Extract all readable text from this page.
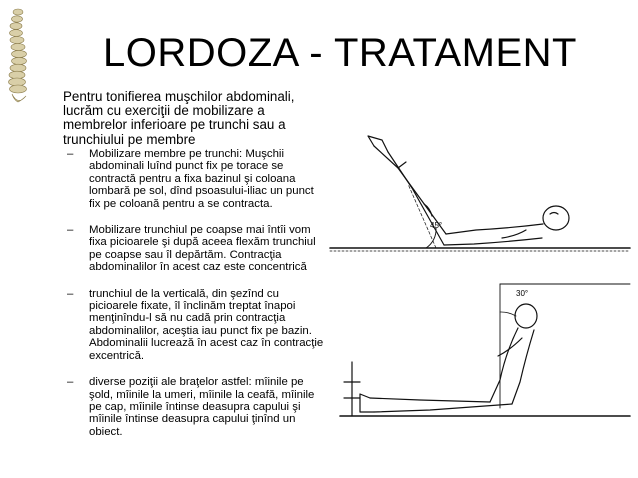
LORDOZA - TRATAMENT
Pentru tonifierea muşchilor abdominali, lucrăm cu exerciţii de mobilizare a membrelor inferioare pe trunchi sau a trunchiului pe membre
– Mobilizare membre pe trunchi: Muşchii abdominali luînd punct fix pe torace se contractă pentru a fixa bazinul şi coloana lombară pe sol, dînd psoasului-iliac un punct fix pe coloană pentru a se contracta.
– Mobilizare trunchiul pe coapse mai întîi vom fixa picioarele şi după aceea flexăm trunchiul pe coapse sau îl depărtăm. Contracţia abdominalilor în acest caz este concentrică
– trunchiul de la verticală, din şezînd cu picioarele fixate, îl înclinăm treptat înapoi menţinîndu-l să nu cadă prin contracţia abdominalilor, aceştia iau punct fix pe bazin. Abdominalii lucrează în acest caz în contracţie excentrică.
– diverse poziţii ale braţelor astfel: mîinile pe şold, mîinile la umeri, mîinile la ceafă, mîinile pe cap, mîinile întinse deasupra capului şi mîinile întinse deasupra capului ţinînd un obiect.
45°
30°
